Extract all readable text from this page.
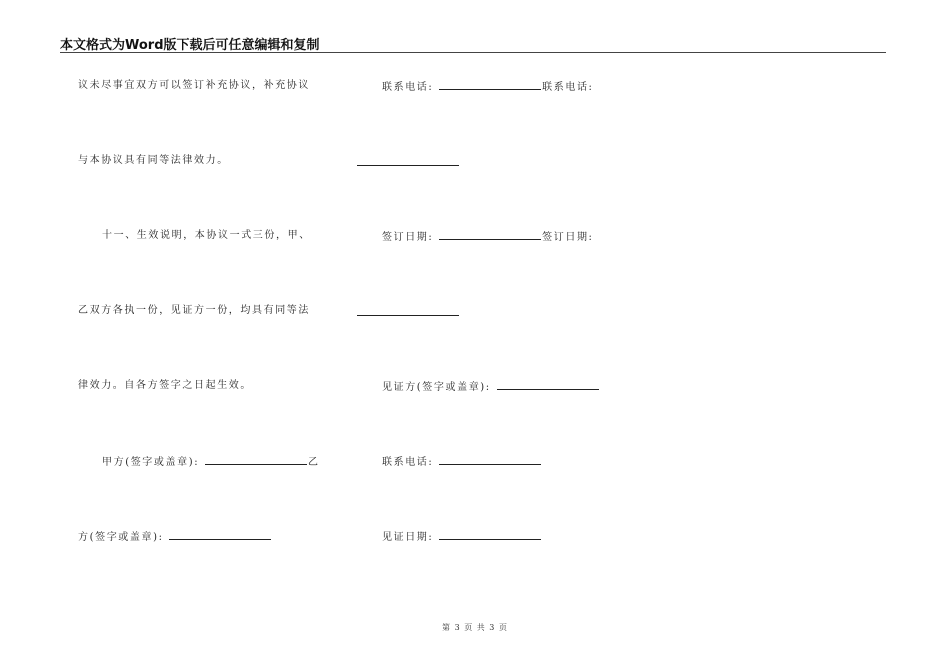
本文格式为Word版下载后可任意编辑和复制
议未尽事宜双方可以签订补充协议，补充协议
与本协议具有同等法律效力。
十一、生效说明，本协议一式三份，甲、
乙双方各执一份，见证方一份，均具有同等法
律效力。自各方签字之日起生效。
甲方(签字或盖章):	乙
方(签字或盖章):
联系电话:	联系电话:
签订日期:	签订日期:
见证方(签字或盖章):
联系电话:
见证日期:
第 3 页 共 3 页
